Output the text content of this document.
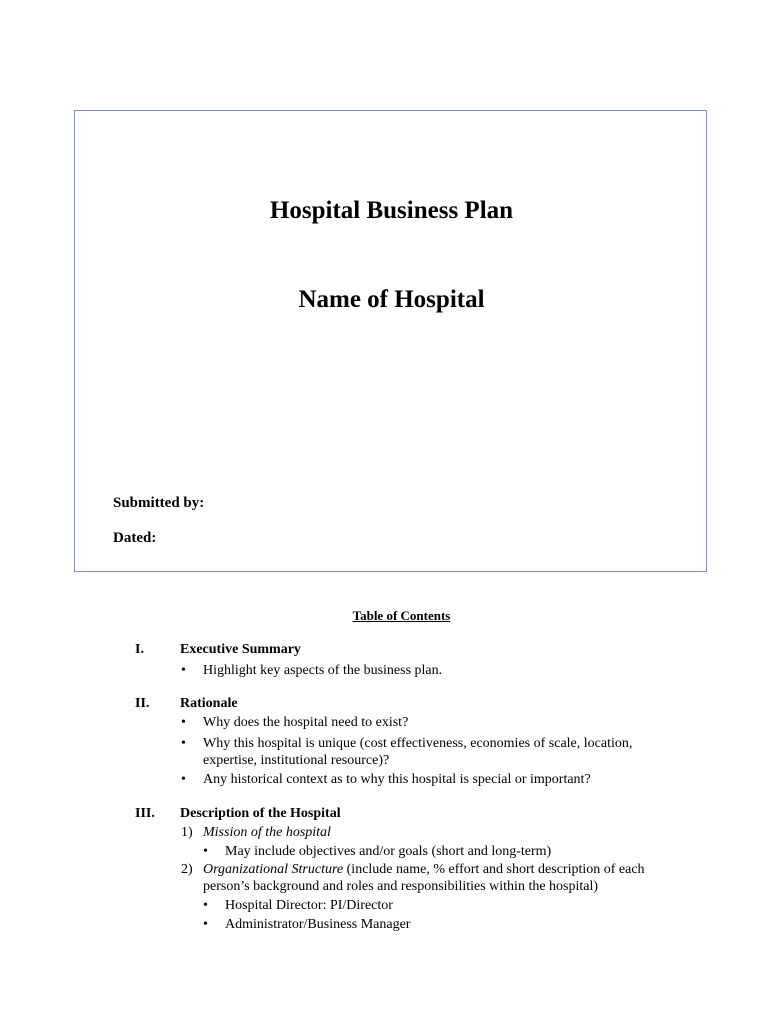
Hospital Business Plan
Name of Hospital
Submitted by:
Dated:
Table of Contents
I.	Executive Summary
• Highlight key aspects of the business plan.
II.	Rationale
• Why does the hospital need to exist?
• Why this hospital is unique (cost effectiveness, economies of scale, location,
expertise, institutional resource)?
• Any historical context as to why this hospital is special or important?
III.	Description of the Hospital
1) Mission of the hospital
• May include objectives and/or goals (short and long-term)
2) Organizational Structure (include name, % effort and short description of each
person’s background and roles and responsibilities within the hospital)
• Hospital Director: PI/Director
• Administrator/Business Manager
